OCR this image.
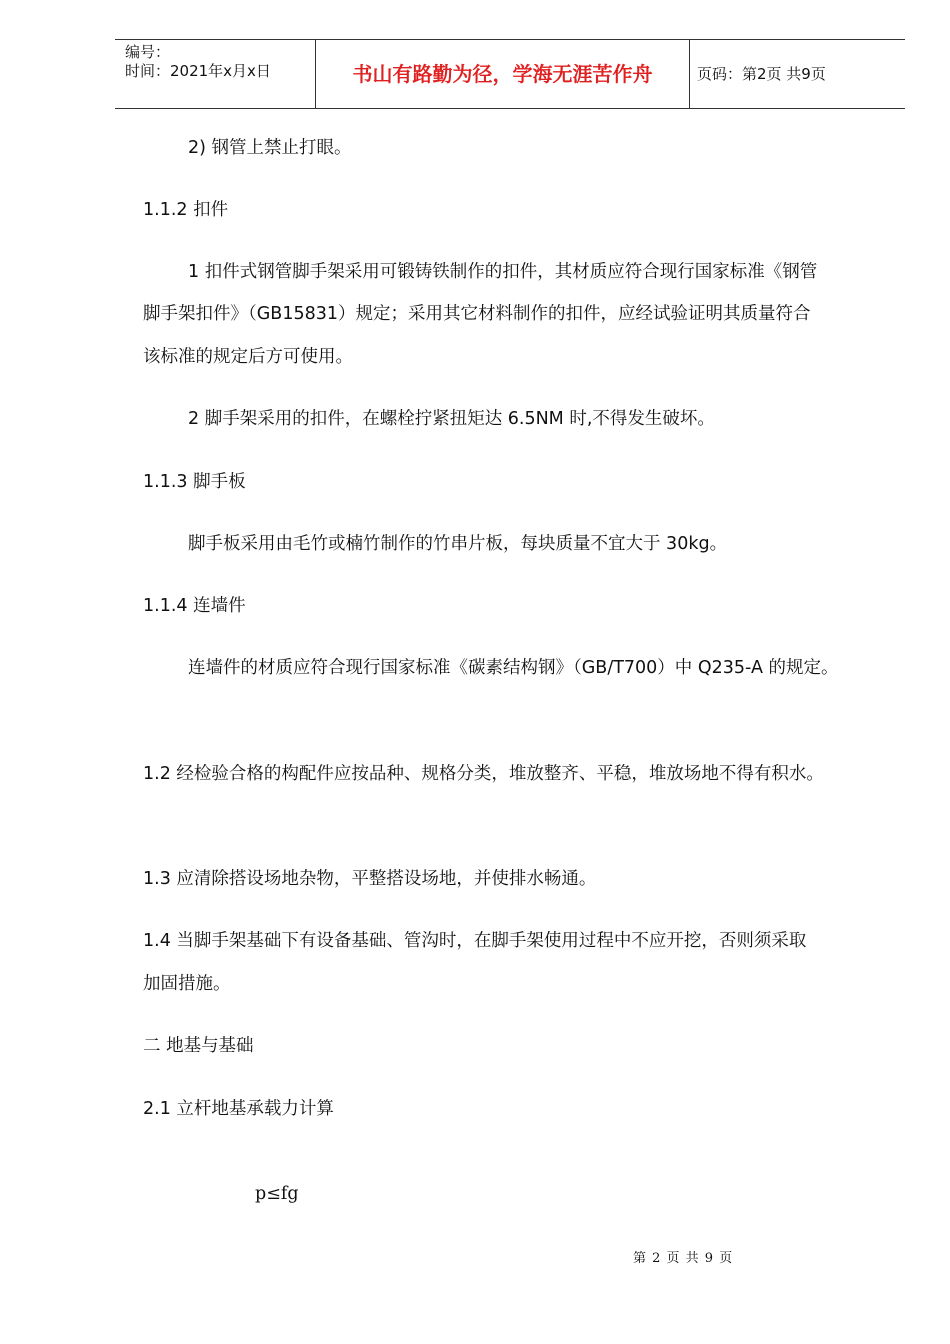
编号：
时间：2021年x月x日	书山有路勤为径，学海无涯苦作舟	页码：第2页 共9页
2) 钢管上禁止打眼。
1.1.2 扣件
1 扣件式钢管脚手架采用可锻铸铁制作的扣件，其材质应符合现行国家标准《钢管
脚手架扣件》（GB15831）规定；采用其它材料制作的扣件，应经试验证明其质量符合
该标准的规定后方可使用。
2 脚手架采用的扣件，在螺栓拧紧扭矩达 6.5NM 时,不得发生破坏。
1.1.3 脚手板
脚手板采用由毛竹或楠竹制作的竹串片板，每块质量不宜大于 30kg。
1.1.4 连墙件
连墙件的材质应符合现行国家标准《碳素结构钢》（GB/T700）中 Q235-A 的规定。
1.2 经检验合格的构配件应按品种、规格分类，堆放整齐、平稳，堆放场地不得有积水。
1.3 应清除搭设场地杂物，平整搭设场地，并使排水畅通。
1.4 当脚手架基础下有设备基础、管沟时，在脚手架使用过程中不应开挖，否则须采取
加固措施。
二 地基与基础
2.1 立杆地基承载力计算
p≤fg
第 2 页 共 9 页
